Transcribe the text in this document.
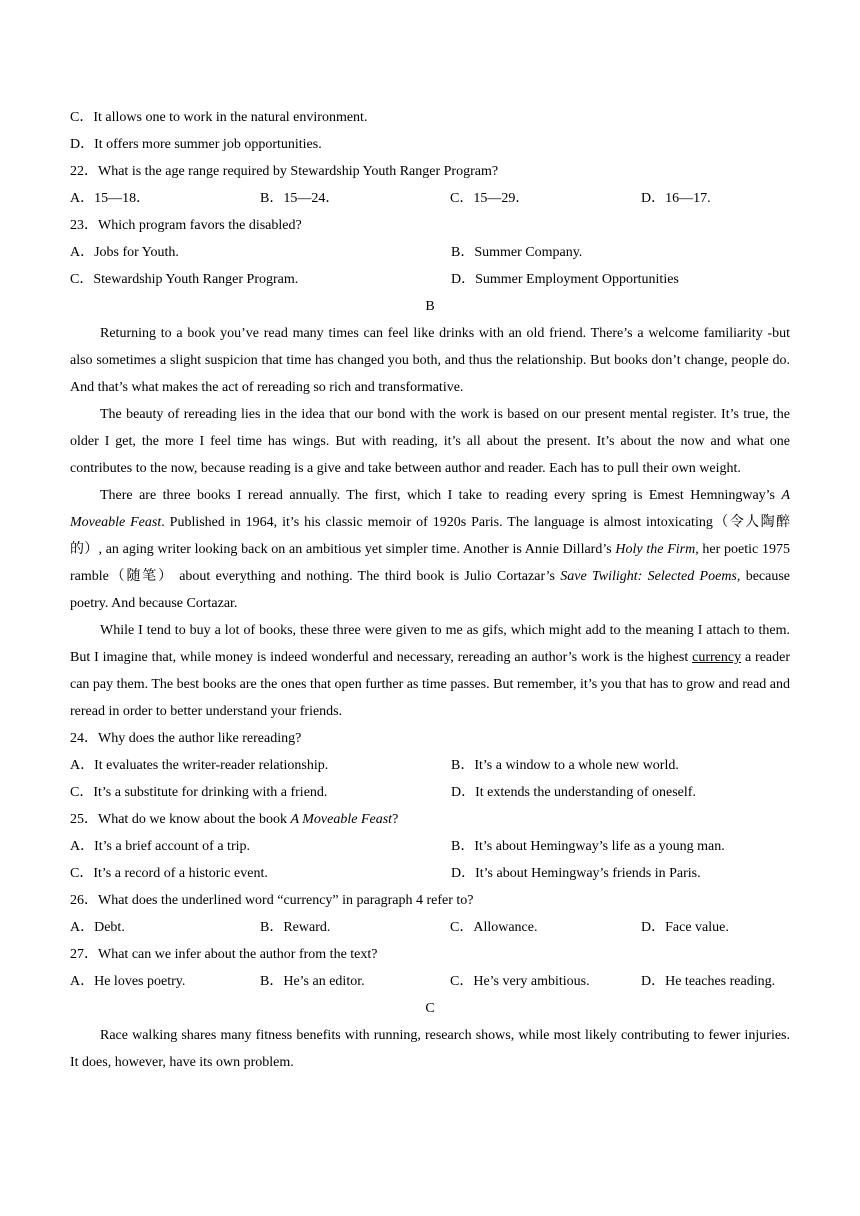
C．It allows one to work in the natural environment.
D．It offers more summer job opportunities.
22．What is the age range required by Stewardship Youth Ranger Program?
A．15—18．	B．15—24．	C．15—29．	D．16—17.
23．Which program favors the disabled?
A．Jobs for Youth.	B．Summer Company.
C．Stewardship Youth Ranger Program.	D．Summer Employment Opportunities
B
Returning to a book you’ve read many times can feel like drinks with an old friend. There’s a welcome familiarity -but also sometimes a slight suspicion that time has changed you both, and thus the relationship. But books don’t change, people do. And that’s what makes the act of rereading so rich and transformative.
The beauty of rereading lies in the idea that our bond with the work is based on our present mental register. It’s true, the older I get, the more I feel time has wings. But with reading, it’s all about the present. It’s about the now and what one contributes to the now, because reading is a give and take between author and reader. Each has to pull their own weight.
There are three books I reread annually. The first, which I take to reading every spring is Emest Hemningway’s A Moveable Feast. Published in 1964, it’s his classic memoir of 1920s Paris. The language is almost intoxicating（令人陶醉的）, an aging writer looking back on an ambitious yet simpler time. Another is Annie Dillard’s Holy the Firm, her poetic 1975 ramble（随笔） about everything and nothing. The third book is Julio Cortazar’s Save Twilight: Selected Poems, because poetry. And because Cortazar.
While I tend to buy a lot of books, these three were given to me as gifs, which might add to the meaning I attach to them. But I imagine that, while money is indeed wonderful and necessary, rereading an author’s work is the highest currency a reader can pay them. The best books are the ones that open further as time passes. But remember, it’s you that has to grow and read and reread in order to better understand your friends.
24．Why does the author like rereading?
A．It evaluates the writer-reader relationship.	B．It’s a window to a whole new world.
C．It’s a substitute for drinking with a friend.	D．It extends the understanding of oneself.
25．What do we know about the book A Moveable Feast?
A．It’s a brief account of a trip.	B．It’s about Hemingway’s life as a young man.
C．It’s a record of a historic event.	D．It’s about Hemingway’s friends in Paris.
26．What does the underlined word “currency” in paragraph 4 refer to?
A．Debt.	B．Reward.	C．Allowance.	D．Face value.
27．What can we infer about the author from the text?
A．He loves poetry.	B．He’s an editor.	C．He’s very ambitious.	D．He teaches reading.
C
Race walking shares many fitness benefits with running, research shows, while most likely contributing to fewer injuries. It does, however, have its own problem.
